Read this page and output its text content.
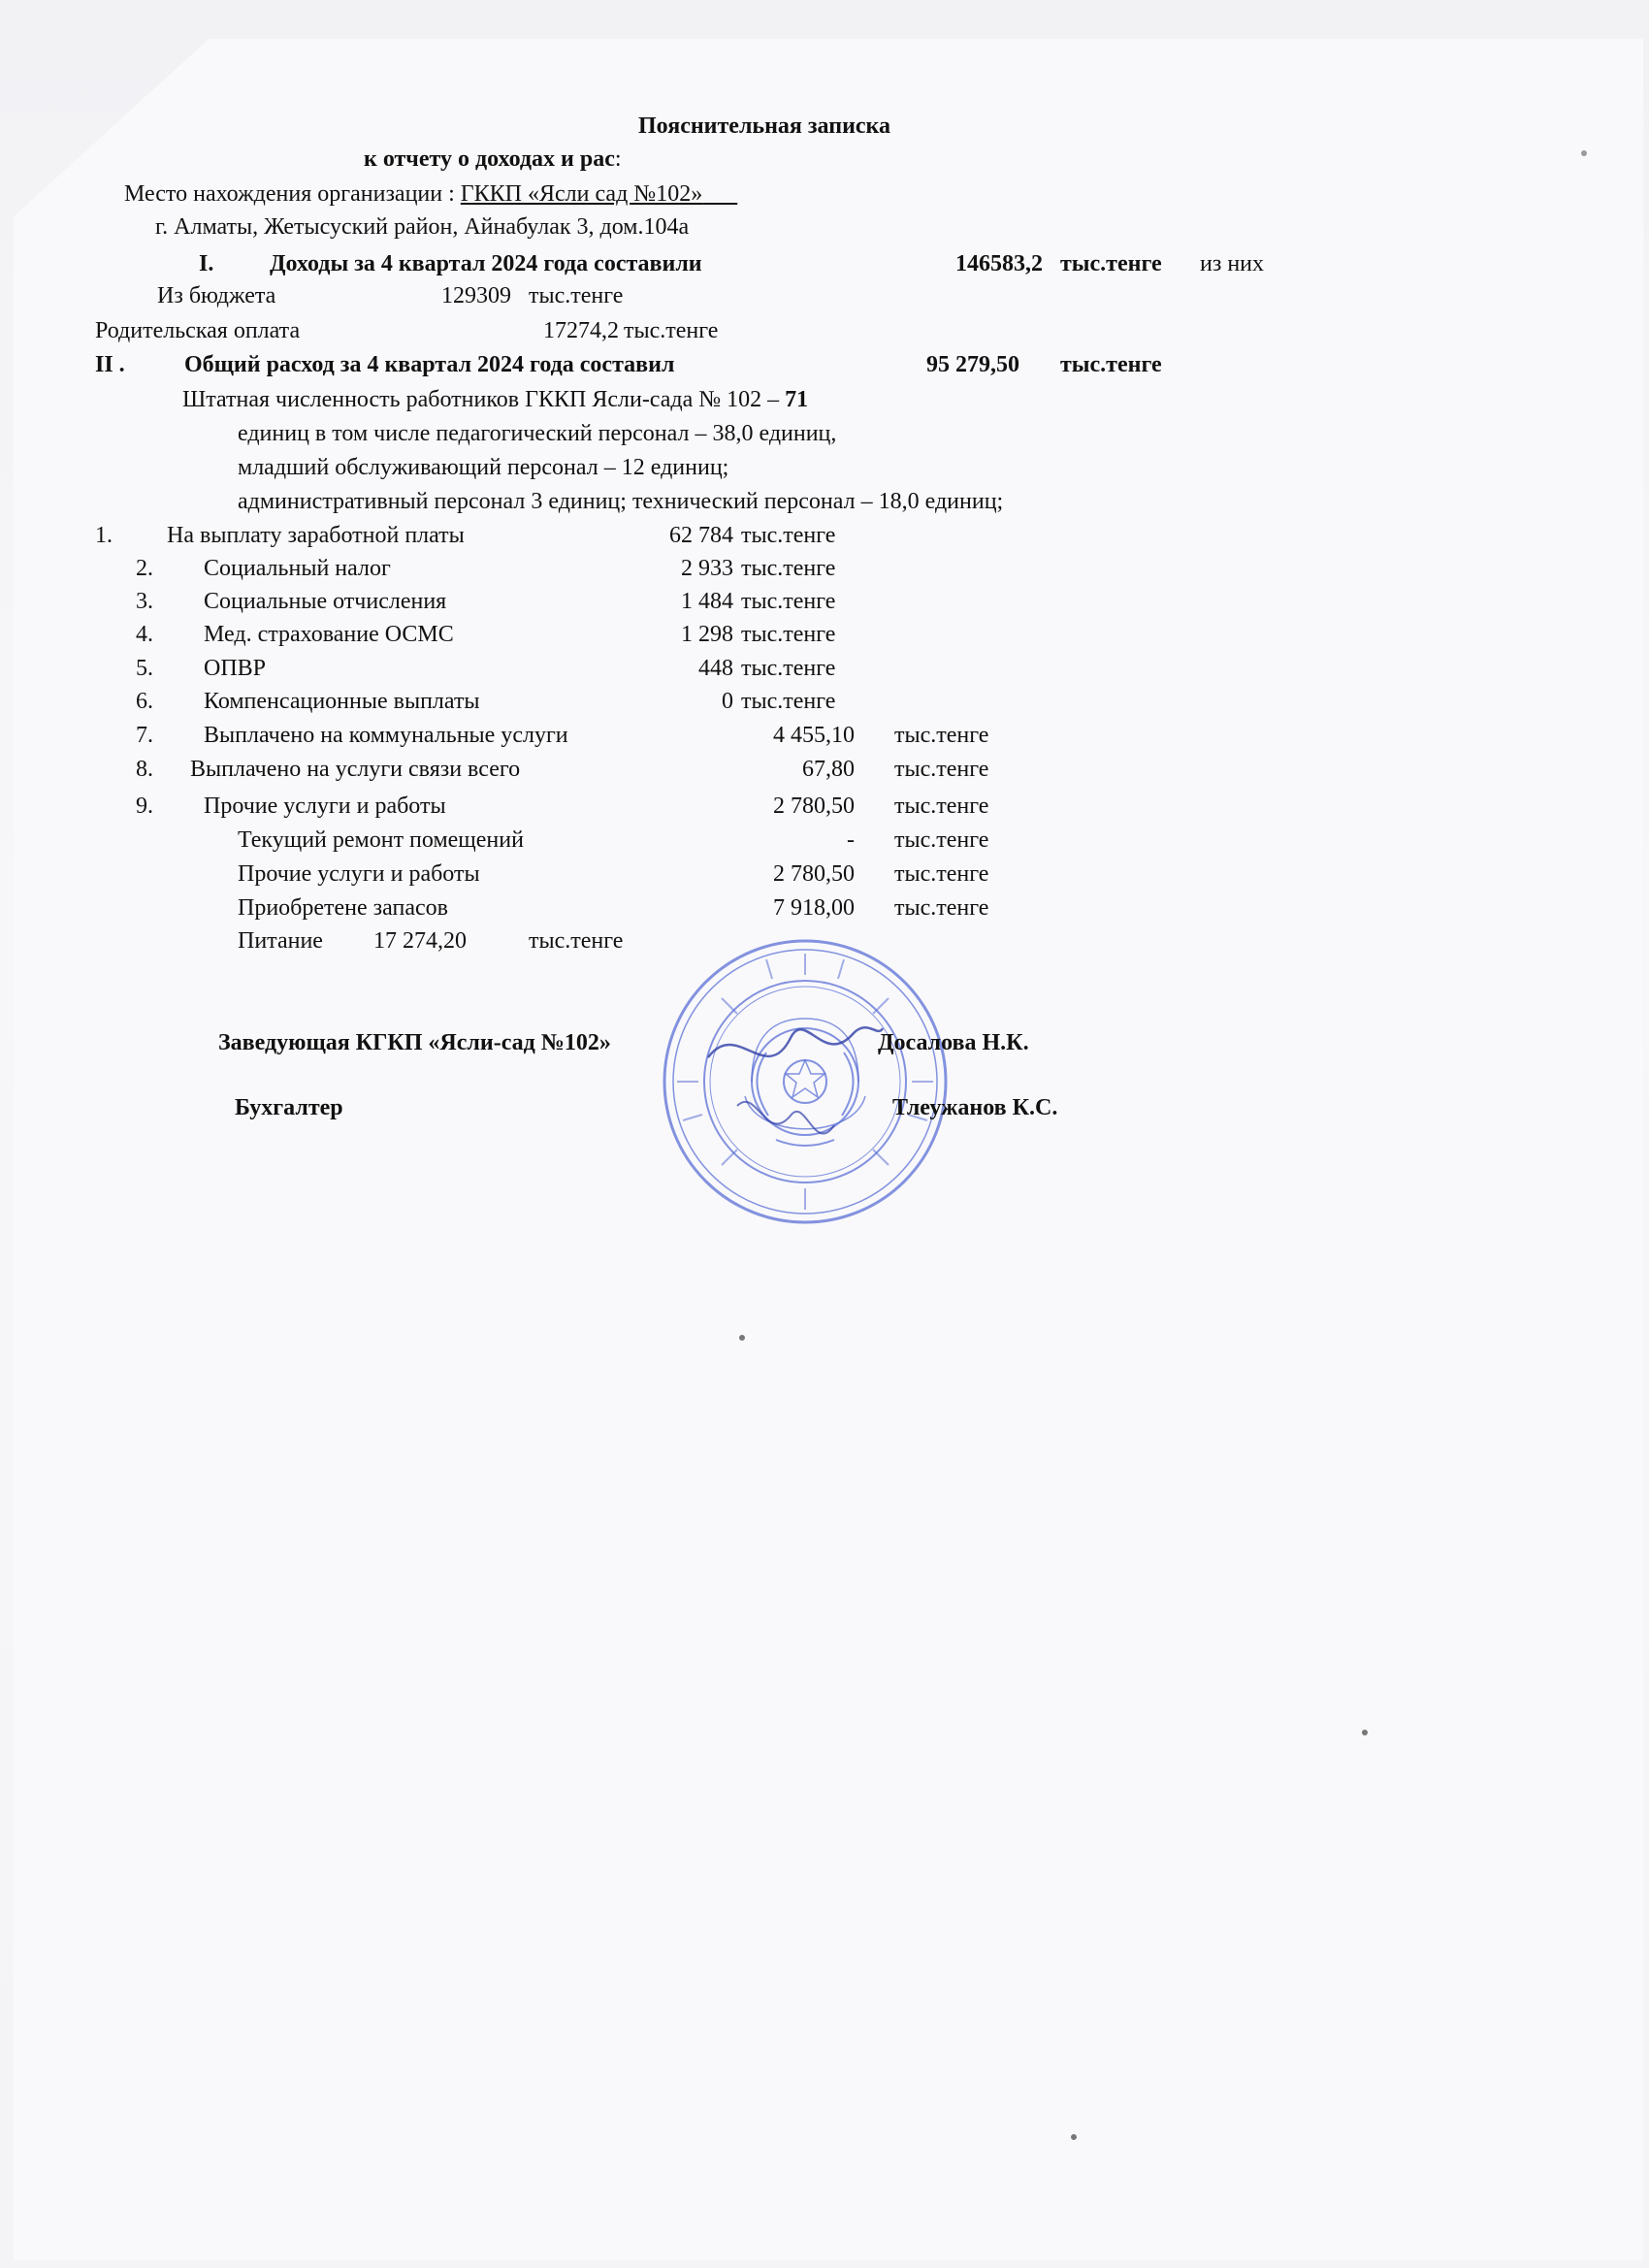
Пояснительная записка
к отчету о доходах и рас:
Место нахождения организации : ГККП «Ясли сад №102»
г. Алматы, Жетысуский район, Айнабулак 3, дом.104а
I. Доходы за 4 квартал 2024 года составили	146583,2 тыс.тенге из них
Из бюджета	129309 тыс.тенге
Родительская оплата	17274,2 тыс.тенге
II .	Общий расход за 4 квартал 2024 года составил	95 279,50 тыс.тенге
Штатная численность работников ГККП Ясли-сада № 102 – 71
единиц в том числе педагогический персонал – 38,0 единиц,
младший обслуживающий персонал – 12 единиц;
административный персонал 3 единиц; технический персонал – 18,0 единиц;
1. На выплату заработной платы	62 784 тыс.тенге
2. Социальный налог	2 933 тыс.тенге
3. Социальные отчисления	1 484 тыс.тенге
4. Мед. страхование ОСМС	1 298 тыс.тенге
5. ОПВР	448 тыс.тенге
6. Компенсационные выплаты	0 тыс.тенге
7. Выплачено на коммунальные услуги	4 455,10 тыс.тенге
8. Выплачено на услуги связи всего	67,80 тыс.тенге
9. Прочие услуги и работы	2 780,50 тыс.тенге
Текущий ремонт помещений	- тыс.тенге
Прочие услуги и работы	2 780,50 тыс.тенге
Приобретене запасов	7 918,00 тыс.тенге
Питание 17 274,20	тыс.тенге
Заведующая КГКП «Ясли-сад №102»	Досалова Н.К.
Бухгалтер	Тлеужанов К.С.
